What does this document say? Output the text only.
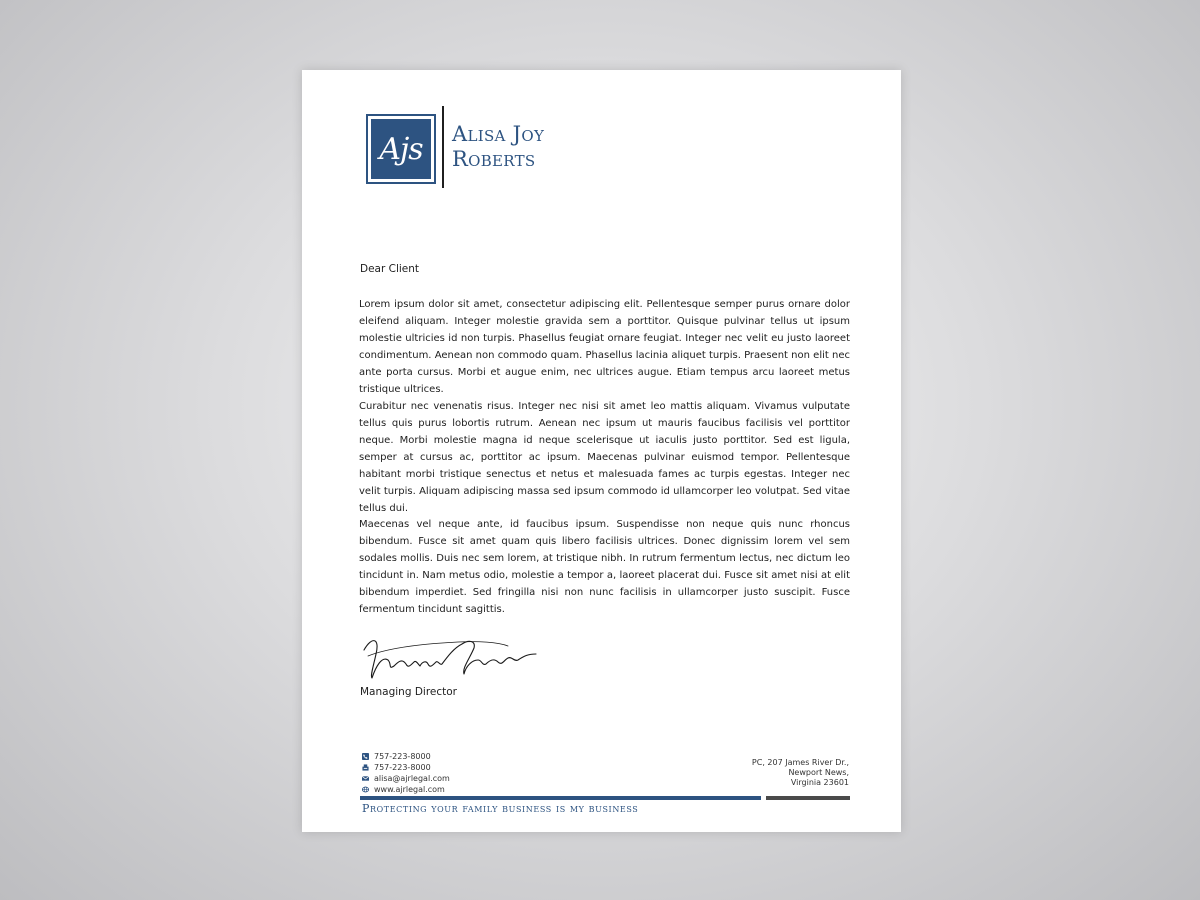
Ajs Alisa Joy
Roberts
Dear Client

Lorem ipsum dolor sit amet, consectetur adipiscing elit. Pellentesque semper purus ornare dolor eleifend aliquam. Integer molestie gravida sem a porttitor. Quisque pulvinar tellus ut ipsum molestie ultricies id non turpis. Phasellus feugiat ornare feugiat. Integer nec velit eu justo laoreet condimentum. Aenean non commodo quam. Phasellus lacinia aliquet turpis. Praesent non elit nec ante porta cursus. Morbi et augue enim, nec ultrices augue. Etiam tempus arcu laoreet metus tristique ultrices.

Curabitur nec venenatis risus. Integer nec nisi sit amet leo mattis aliquam. Vivamus vulputate tellus quis purus lobortis rutrum. Aenean nec ipsum ut mauris faucibus facilisis vel porttitor neque. Morbi molestie magna id neque scelerisque ut iaculis justo porttitor. Sed est ligula, semper at cursus ac, porttitor ac ipsum. Maecenas pulvinar euismod tempor. Pellentesque habitant morbi tristique senectus et netus et malesuada fames ac turpis egestas. Integer nec velit turpis. Aliquam adipiscing massa sed ipsum commodo id ullamcorper leo volutpat. Sed vitae tellus dui.

Maecenas vel neque ante, id faucibus ipsum. Suspendisse non neque quis nunc rhoncus bibendum. Fusce sit amet quam quis libero facilisis ultrices. Donec dignissim lorem vel sem sodales mollis. Duis nec sem lorem, at tristique nibh. In rutrum fermentum lectus, nec dictum leo tincidunt in. Nam metus odio, molestie a tempor a, laoreet placerat dui. Fusce sit amet nisi at elit bibendum imperdiet. Sed fringilla nisi non nunc facilisis in ullamcorper justo suscipit. Fusce fermentum tincidunt sagittis.

Managing Director
757-223-8000
757-223-8000
alisa@ajrlegal.com
www.ajrlegal.com
PC, 207 James River Dr.,
Newport News,
Virginia 23601
Protecting your family business is my business
